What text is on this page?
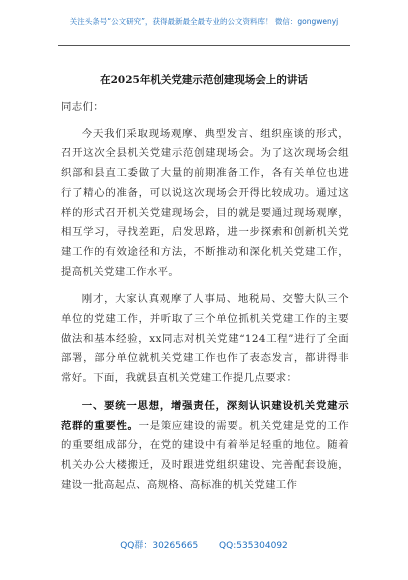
关注头条号“公文研究”，获得最新最全最专业的公文资料库！ 微信：gongwenyj
在2025年机关党建示范创建现场会上的讲话

同志们：

今天我们采取现场观摩、典型发言、组织座谈的形式，召开这次全县机关党建示范创建现场会。为了这次现场会组织部和县直工委做了大量的前期准备工作，各有关单位也进行了精心的准备，可以说这次现场会开得比较成功。通过这样的形式召开机关党建现场会，目的就是要通过现场观摩，相互学习，寻找差距，启发思路，进一步探索和创新机关党建工作的有效途径和方法，不断推动和深化机关党建工作，提高机关党建工作水平。

刚才，大家认真观摩了人事局、地税局、交警大队三个单位的党建工作，并听取了三个单位抓机关党建工作的主要做法和基本经验，xx同志对机关党建“124工程”进行了全面部署，部分单位就机关党建工作也作了表态发言，都讲得非常好。下面，我就县直机关党建工作提几点要求：

一、要统一思想，增强责任，深刻认识建设机关党建示范群的重要性。一是策应建设的需要。机关党建是党的工作的重要组成部分，在党的建设中有着举足轻重的地位。随着机关办公大楼搬迁，及时跟进党组织建设、完善配套设施，建设一批高起点、高规格、高标准的机关党建工作

QQ群：30265665 QQ:535304092
